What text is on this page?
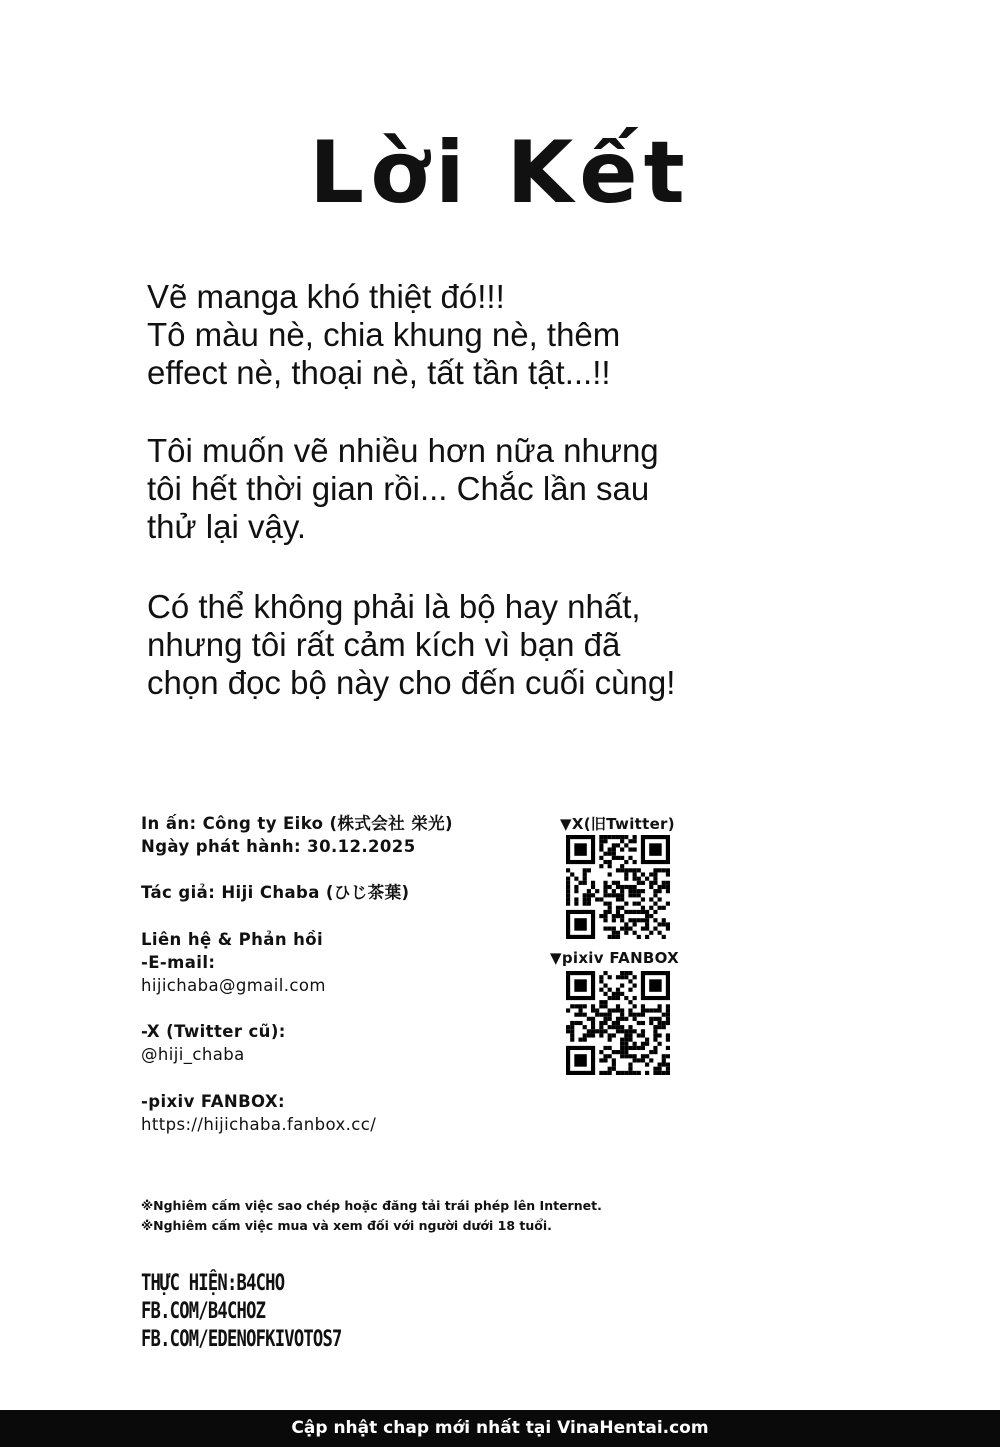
Lời Kết

Vẽ manga khó thiệt đó!!!
Tô màu nè, chia khung nè, thêm
effect nè, thoại nè, tất tần tật...!!

Tôi muốn vẽ nhiều hơn nữa nhưng
tôi hết thời gian rồi... Chắc lần sau
thử lại vậy.

Có thể không phải là bộ hay nhất,
nhưng tôi rất cảm kích vì bạn đã
chọn đọc bộ này cho đến cuối cùng!

In ấn: Công ty Eiko (株式会社 栄光)
Ngày phát hành: 30.12.2025
Tác giả: Hiji Chaba (ひじ茶葉)
Liên hệ & Phản hồi
-E-mail:
hijichaba@gmail.com
-X (Twitter cũ):
@hiji_chaba
-pixiv FANBOX:
https://hijichaba.fanbox.cc/
▼X(旧Twitter)
▼pixiv FANBOX
※Nghiêm cấm việc sao chép hoặc đăng tải trái phép lên Internet.
※Nghiêm cấm việc mua và xem đối với người dưới 18 tuổi.
THỰC HIỆN:B4CHO
FB.COM/B4CHOZ
FB.COM/EDENOFKIVOTOS7
Cập nhật chap mới nhất tại VinaHentai.com
